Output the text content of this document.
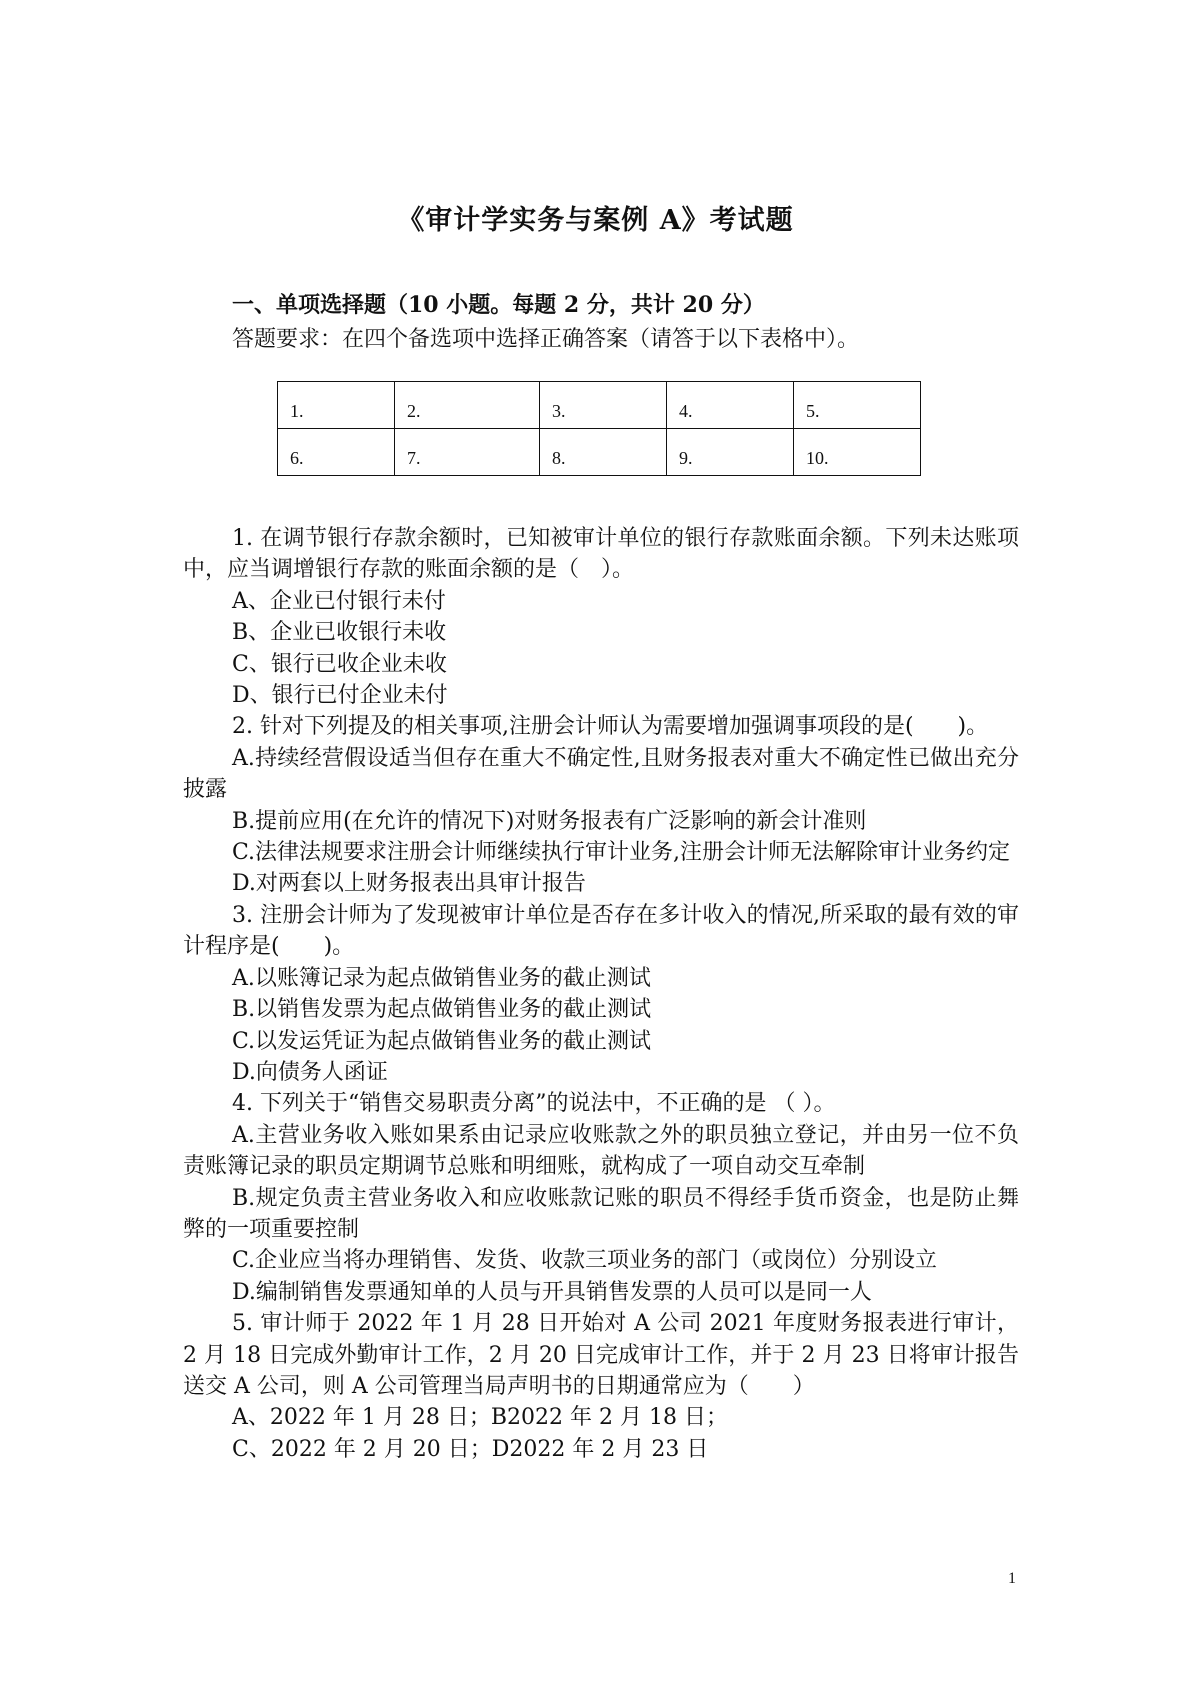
《审计学实务与案例 A》考试题
一、单项选择题（10 小题。每题 2 分，共计 20 分）
答题要求：在四个备选项中选择正确答案（请答于以下表格中）。
1.	2.	3.	4.	5.
6.	7.	8.	9.	10.

1. 在调节银行存款余额时，已知被审计单位的银行存款账面余额。下列未达账项中，应当调增银行存款的账面余额的是（　）。

A、企业已付银行未付

B、企业已收银行未收

C、银行已收企业未收

D、银行已付企业未付

2. 针对下列提及的相关事项,注册会计师认为需要增加强调事项段的是(　　)。

A.持续经营假设适当但存在重大不确定性,且财务报表对重大不确定性已做出充分披露

B.提前应用(在允许的情况下)对财务报表有广泛影响的新会计准则

C.法律法规要求注册会计师继续执行审计业务,注册会计师无法解除审计业务约定

D.对两套以上财务报表出具审计报告

3. 注册会计师为了发现被审计单位是否存在多计收入的情况,所采取的最有效的审计程序是(　　)。

A.以账簿记录为起点做销售业务的截止测试

B.以销售发票为起点做销售业务的截止测试

C.以发运凭证为起点做销售业务的截止测试

D.向债务人函证

4. 下列关于“销售交易职责分离”的说法中，不正确的是 （ ）。

A.主营业务收入账如果系由记录应收账款之外的职员独立登记，并由另一位不负责账簿记录的职员定期调节总账和明细账，就构成了一项自动交互牵制

B.规定负责主营业务收入和应收账款记账的职员不得经手货币资金，也是防止舞弊的一项重要控制

C.企业应当将办理销售、发货、收款三项业务的部门（或岗位）分别设立

D.编制销售发票通知单的人员与开具销售发票的人员可以是同一人

5. 审计师于 2022 年 1 月 28 日开始对 A 公司 2021 年度财务报表进行审计，2 月 18 日完成外勤审计工作，2 月 20 日完成审计工作，并于 2 月 23 日将审计报告送交 A 公司，则 A 公司管理当局声明书的日期通常应为（　　）

A、2022 年 1 月 28 日；B2022 年 2 月 18 日；

C、2022 年 2 月 20 日；D2022 年 2 月 23 日

1
